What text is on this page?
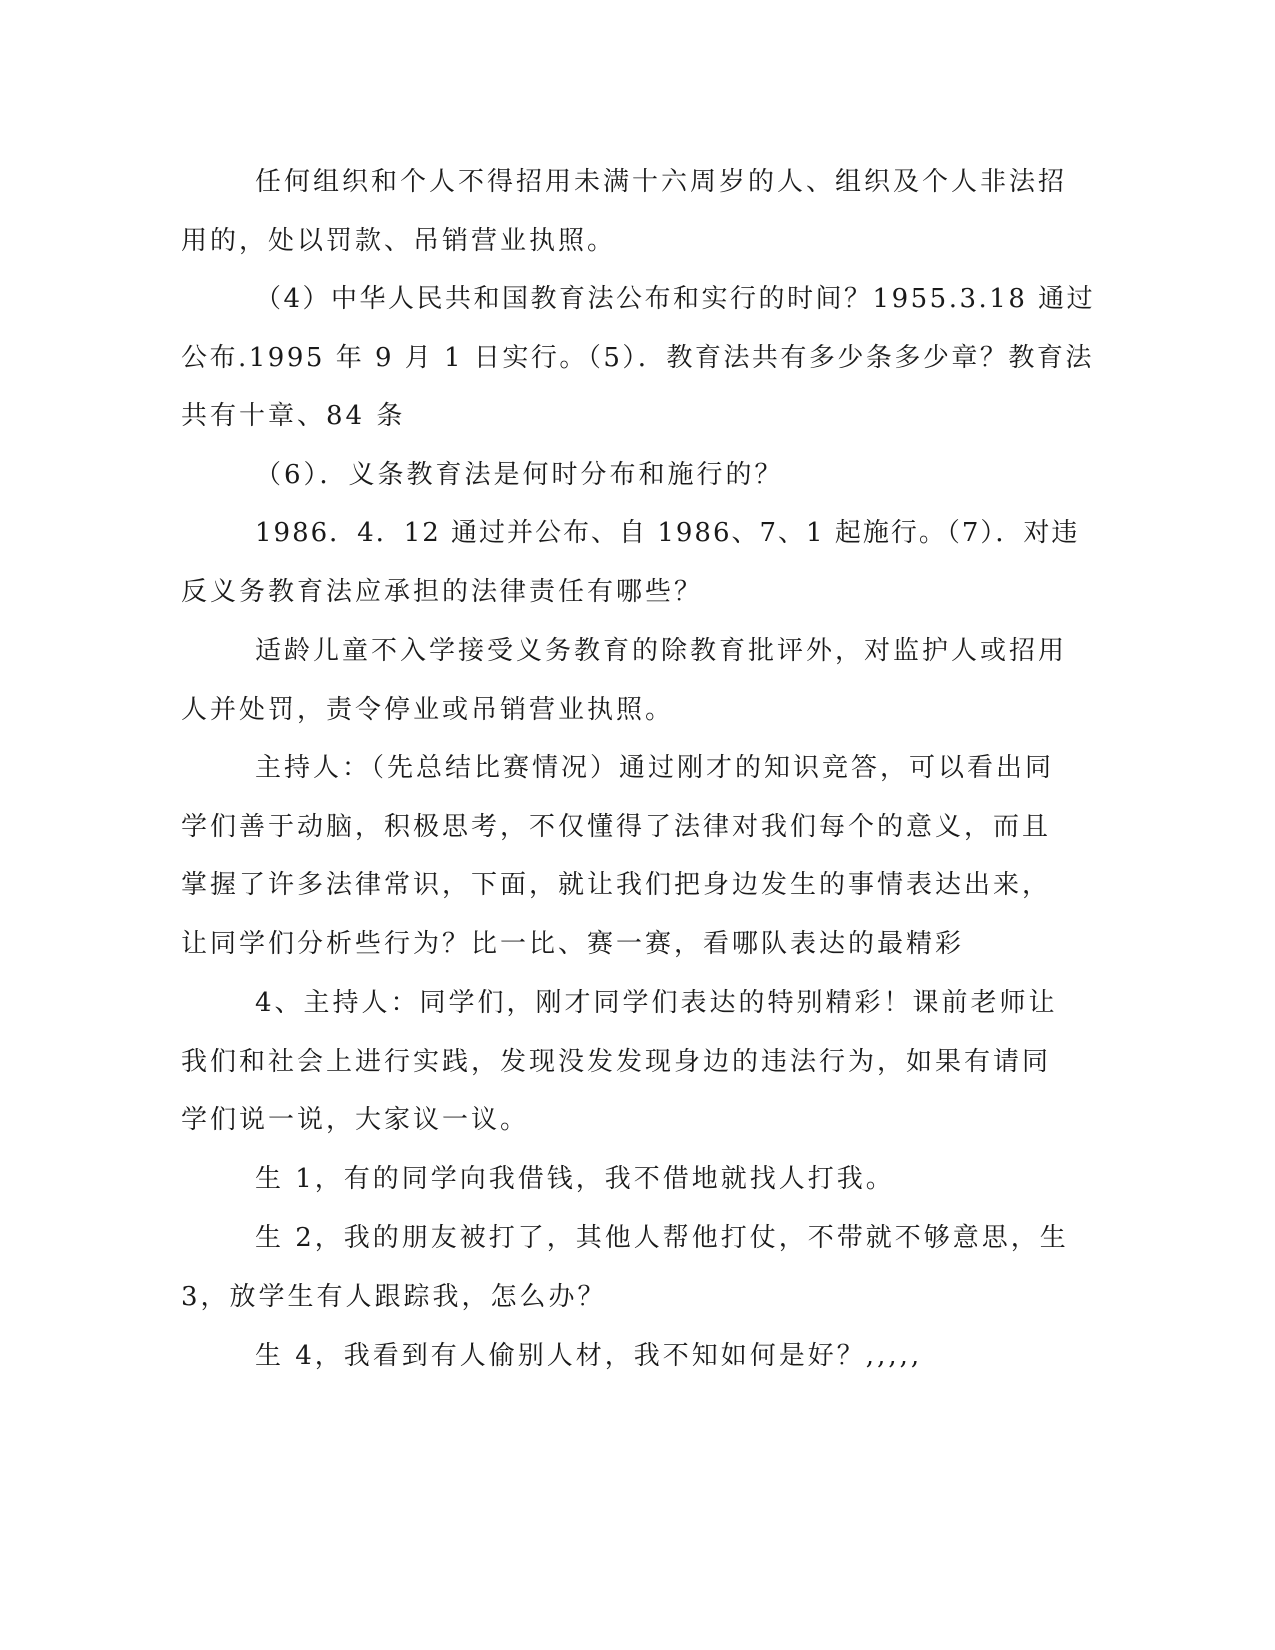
任何组织和个人不得招用未满十六周岁的人、组织及个人非法招
用的，处以罚款、吊销营业执照。
（4）中华人民共和国教育法公布和实行的时间？1955.3.18 通过
公布.1995 年 9 月 1 日实行。（5）．教育法共有多少条多少章？教育法
共有十章、84 条
（6）．义条教育法是何时分布和施行的？
1986．4．12 通过并公布、自 1986、7、1 起施行。（7）．对违
反义务教育法应承担的法律责任有哪些？
适龄儿童不入学接受义务教育的除教育批评外，对监护人或招用
人并处罚，责令停业或吊销营业执照。
主持人：（先总结比赛情况）通过刚才的知识竞答，可以看出同
学们善于动脑，积极思考，不仅懂得了法律对我们每个的意义，而且
掌握了许多法律常识，下面，就让我们把身边发生的事情表达出来，
让同学们分析些行为？比一比、赛一赛，看哪队表达的最精彩
4、主持人：同学们，刚才同学们表达的特别精彩！课前老师让
我们和社会上进行实践，发现没发发现身边的违法行为，如果有请同
学们说一说，大家议一议。
生 1，有的同学向我借钱，我不借地就找人打我。
生 2，我的朋友被打了，其他人帮他打仗，不带就不够意思，生
3，放学生有人跟踪我，怎么办？
生 4，我看到有人偷别人材，我不知如何是好？,,,,,
